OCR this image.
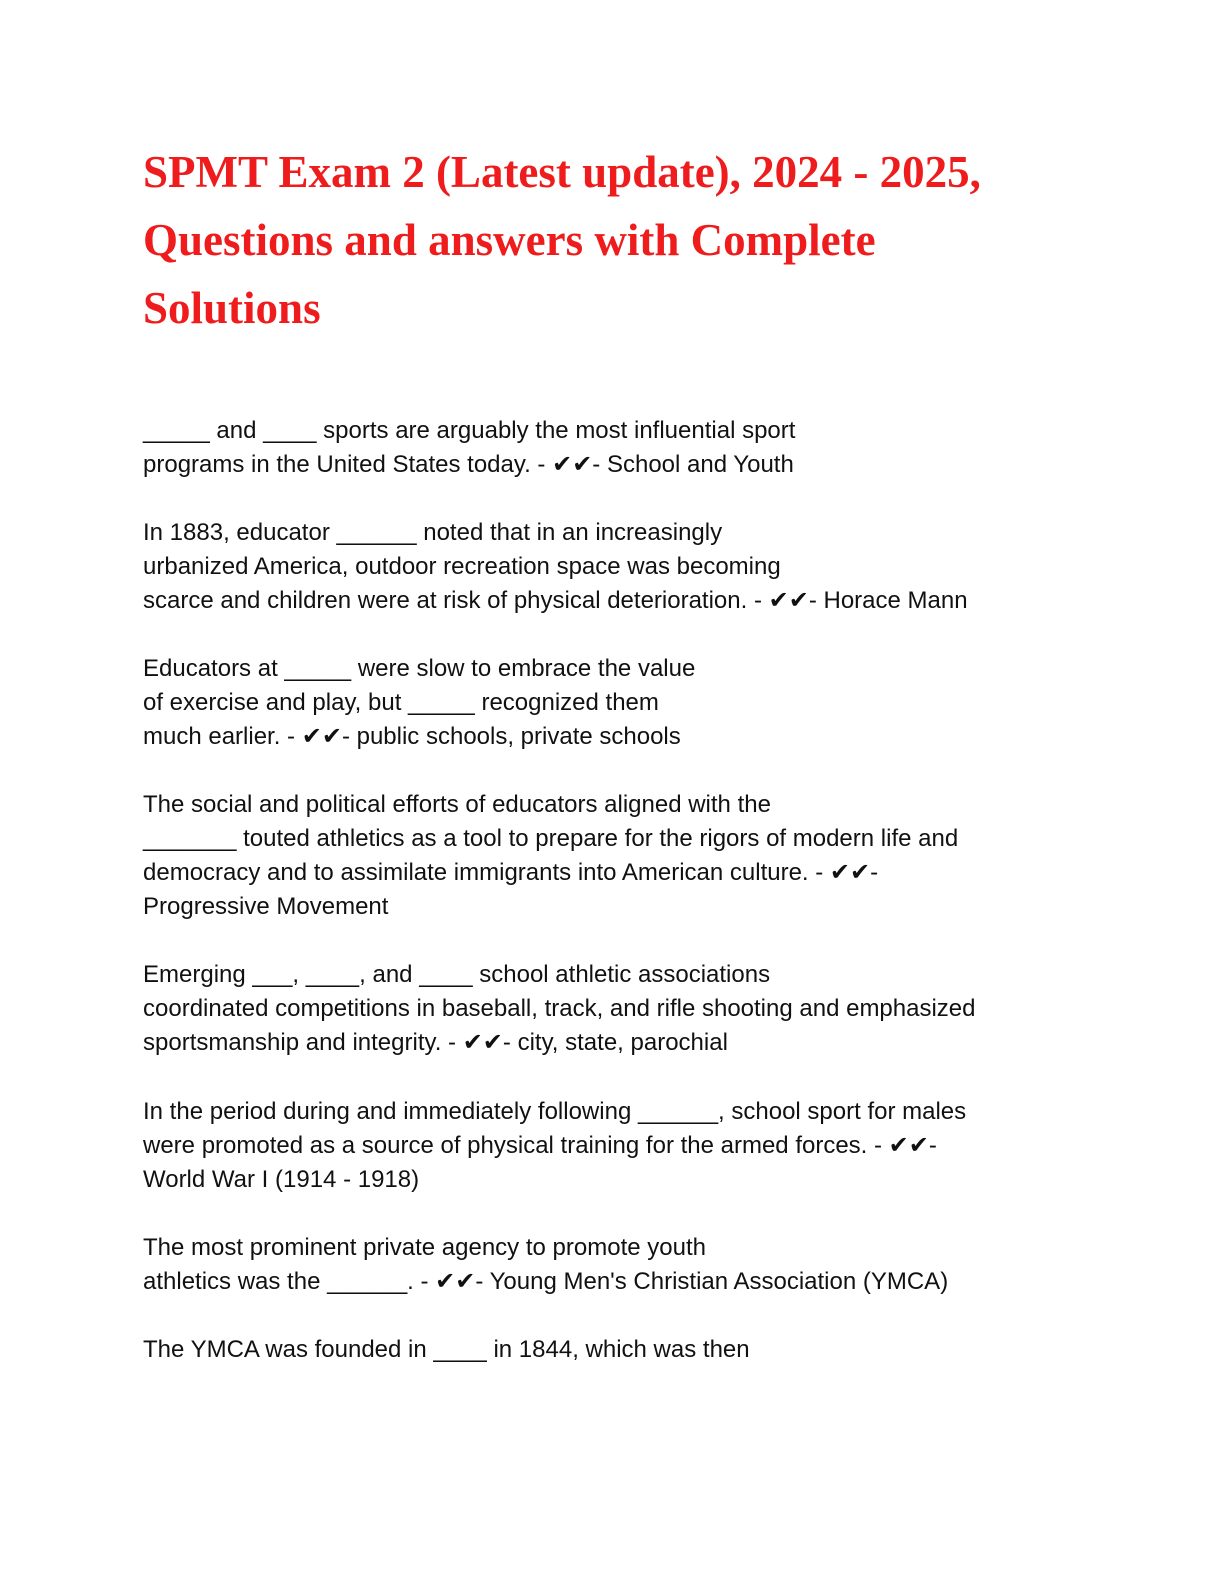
SPMT Exam 2 (Latest update), 2024 - 2025,
Questions and answers with Complete
Solutions

_____ and ____ sports are arguably the most influential sport
programs in the United States today. - ✔✔- School and Youth

In 1883, educator ______ noted that in an increasingly
urbanized America, outdoor recreation space was becoming
scarce and children were at risk of physical deterioration. - ✔✔- Horace Mann

Educators at _____ were slow to embrace the value
of exercise and play, but _____ recognized them
much earlier. - ✔✔- public schools, private schools

The social and political efforts of educators aligned with the
_______ touted athletics as a tool to prepare for the rigors of modern life and
democracy and to assimilate immigrants into American culture. - ✔✔-
Progressive Movement

Emerging ___, ____, and ____ school athletic associations
coordinated competitions in baseball, track, and rifle shooting and emphasized
sportsmanship and integrity. - ✔✔- city, state, parochial

In the period during and immediately following ______, school sport for males
were promoted as a source of physical training for the armed forces. - ✔✔-
World War I (1914 - 1918)

The most prominent private agency to promote youth
athletics was the ______. - ✔✔- Young Men's Christian Association (YMCA)

The YMCA was founded in ____ in 1844, which was then
